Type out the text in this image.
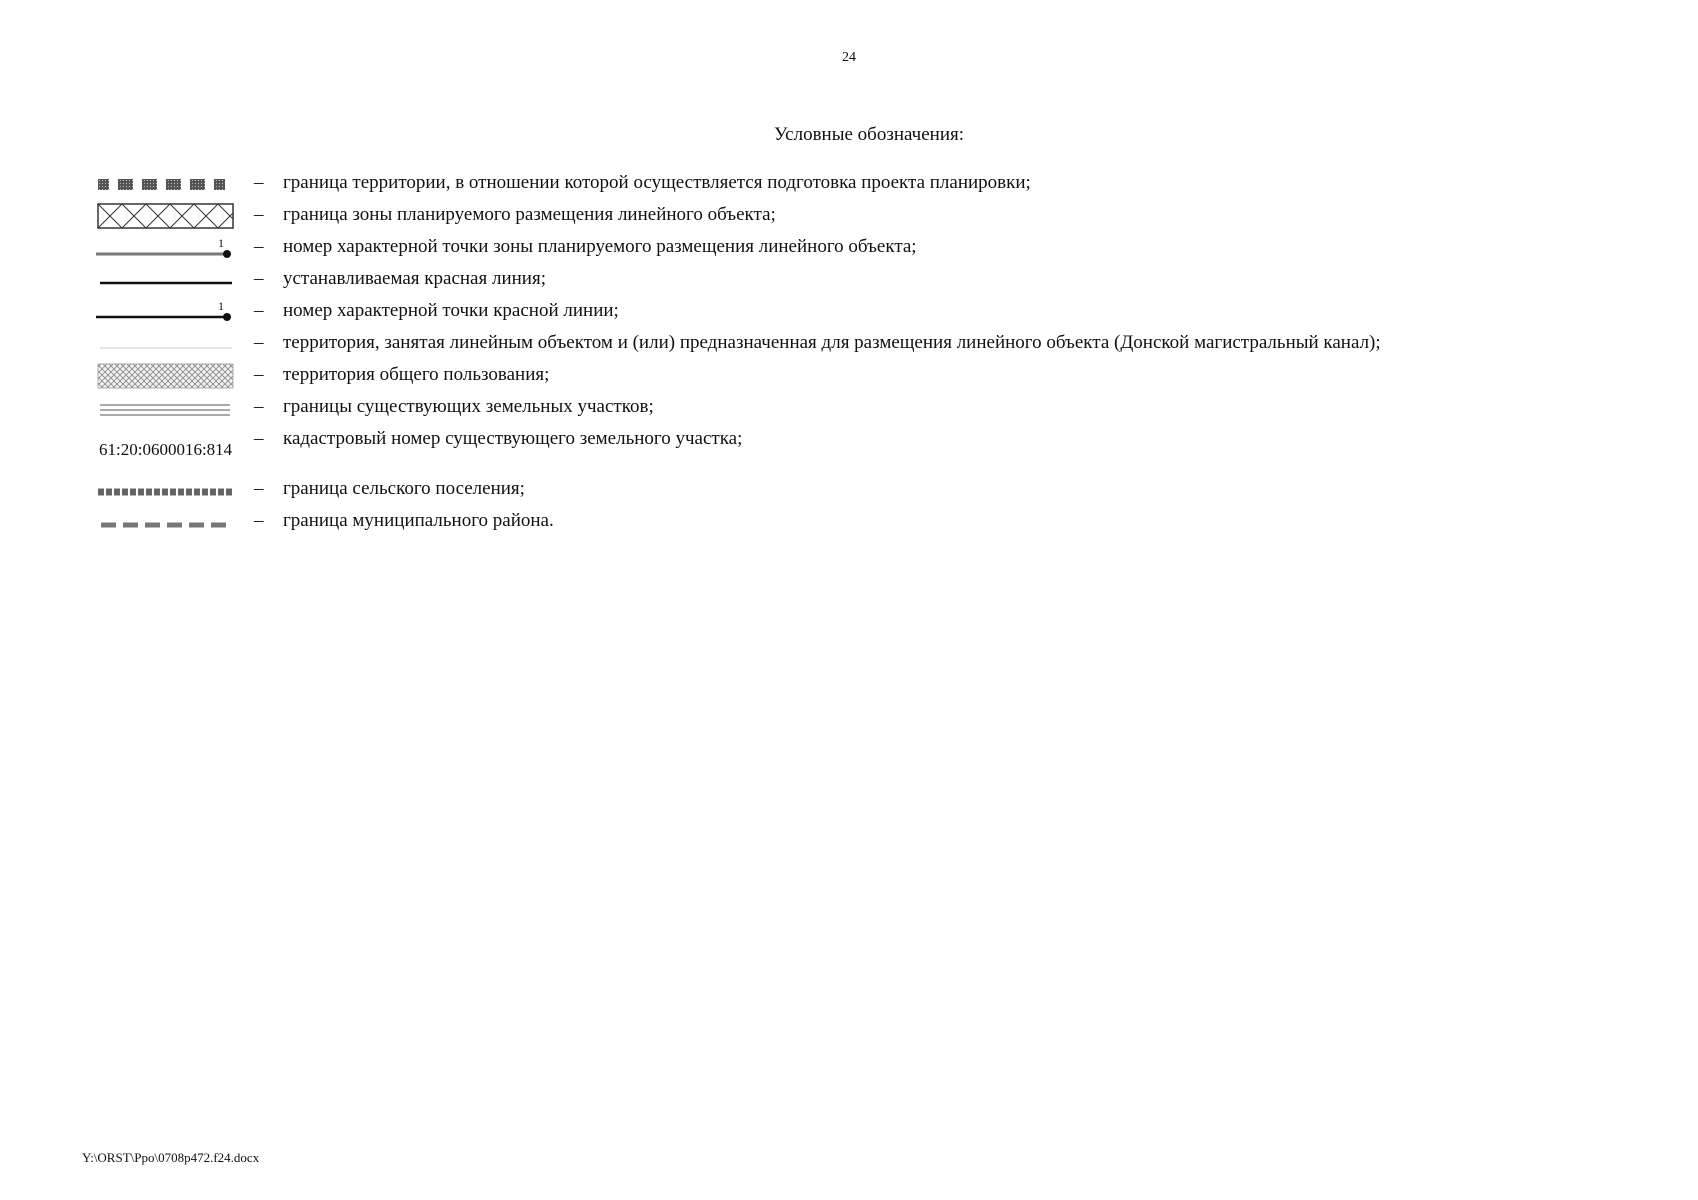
24
Условные обозначения:
– граница территории, в отношении которой осуществляется подготовка проекта планировки;
– граница зоны планируемого размещения линейного объекта;
1 – номер характерной точки зоны планируемого размещения линейного объекта;
– устанавливаемая красная линия;
1 – номер характерной точки красной линии;
– территория, занятая линейным объектом и (или) предназначенная для размещения линейного объекта (Донской магистральный канал);
– территория общего пользования;
– границы существующих земельных участков;
61:20:0600016:814
– кадастровый номер существующего земельного участка;
– граница сельского поселения;
– граница муниципального района.
Y:\ORST\Ppo\0708p472.f24.docx
